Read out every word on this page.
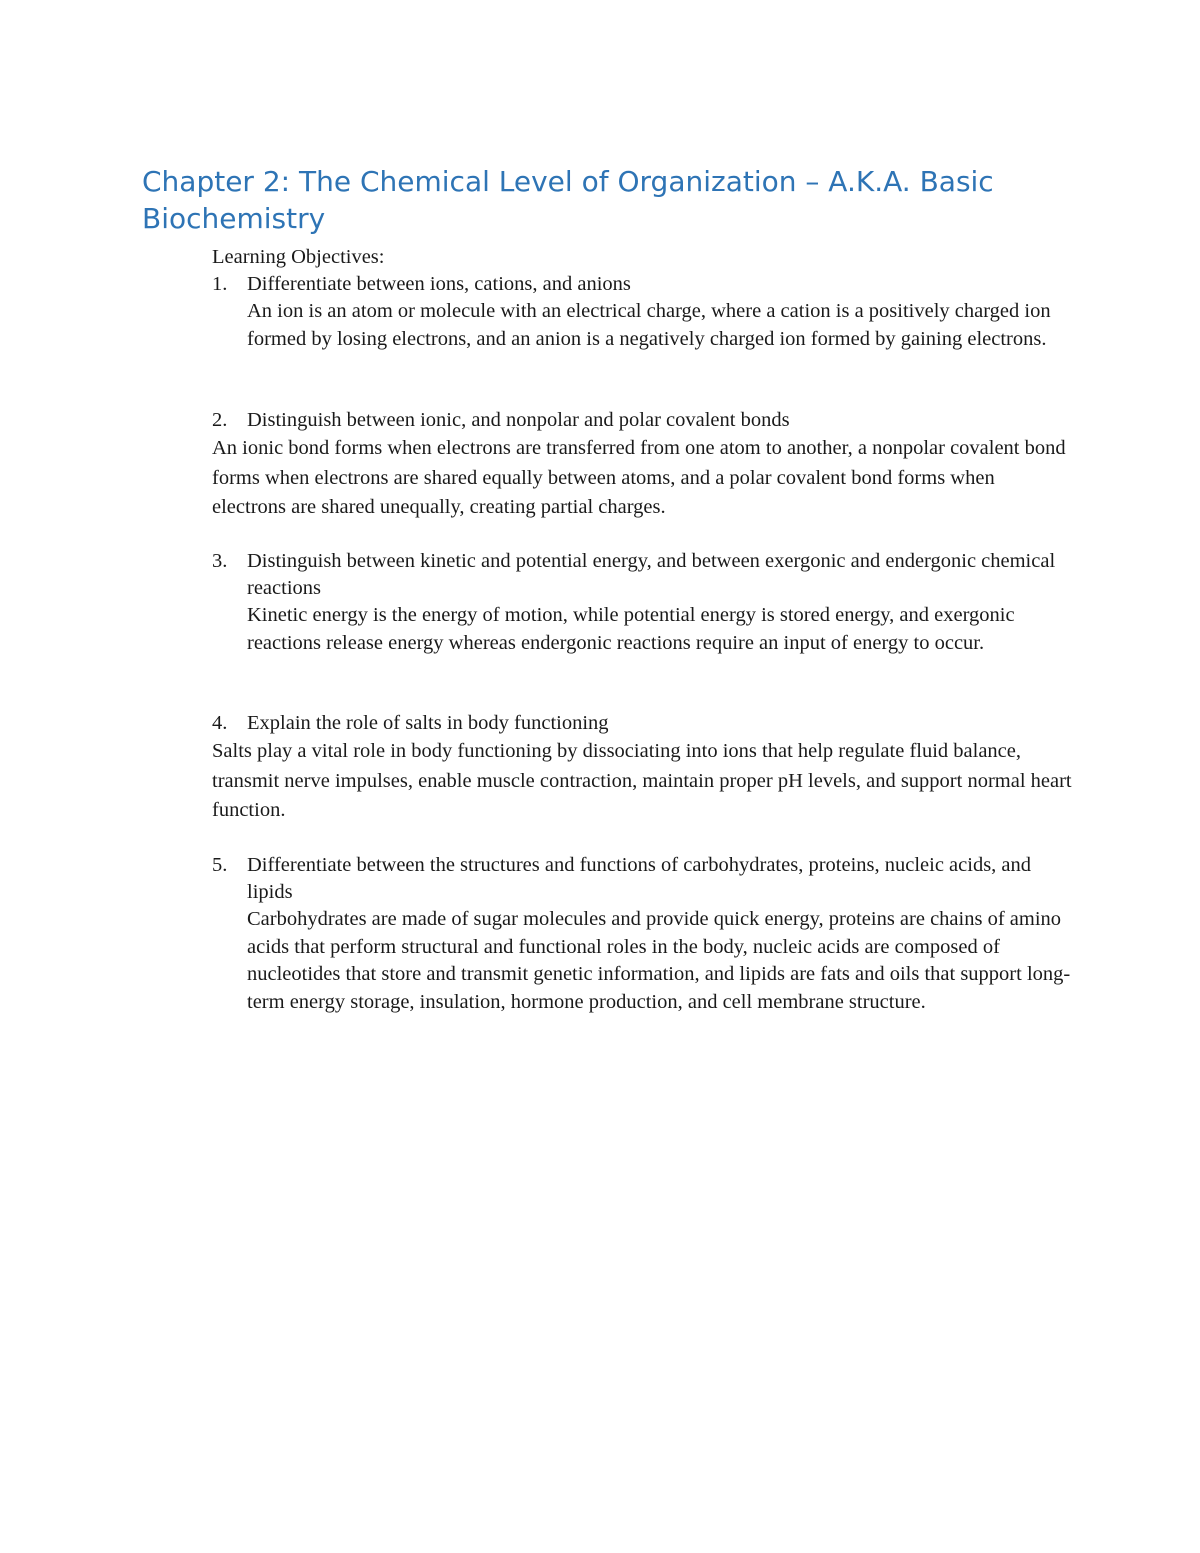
Chapter 2: The Chemical Level of Organization – A.K.A. Basic Biochemistry

Learning Objectives:

1. Differentiate between ions, cations, and anions

An ion is an atom or molecule with an electrical charge, where a cation is a positively charged ion formed by losing electrons, and an anion is a negatively charged ion formed by gaining electrons.

2. Distinguish between ionic, and nonpolar and polar covalent bonds

An ionic bond forms when electrons are transferred from one atom to another, a nonpolar covalent bond forms when electrons are shared equally between atoms, and a polar covalent bond forms when electrons are shared unequally, creating partial charges.

3. Distinguish between kinetic and potential energy, and between exergonic and endergonic chemical reactions

Kinetic energy is the energy of motion, while potential energy is stored energy, and exergonic reactions release energy whereas endergonic reactions require an input of energy to occur.

4. Explain the role of salts in body functioning

Salts play a vital role in body functioning by dissociating into ions that help regulate fluid balance, transmit nerve impulses, enable muscle contraction, maintain proper pH levels, and support normal heart function.

5. Differentiate between the structures and functions of carbohydrates, proteins, nucleic acids, and lipids

Carbohydrates are made of sugar molecules and provide quick energy, proteins are chains of amino acids that perform structural and functional roles in the body, nucleic acids are composed of nucleotides that store and transmit genetic information, and lipids are fats and oils that support long-term energy storage, insulation, hormone production, and cell membrane structure.
